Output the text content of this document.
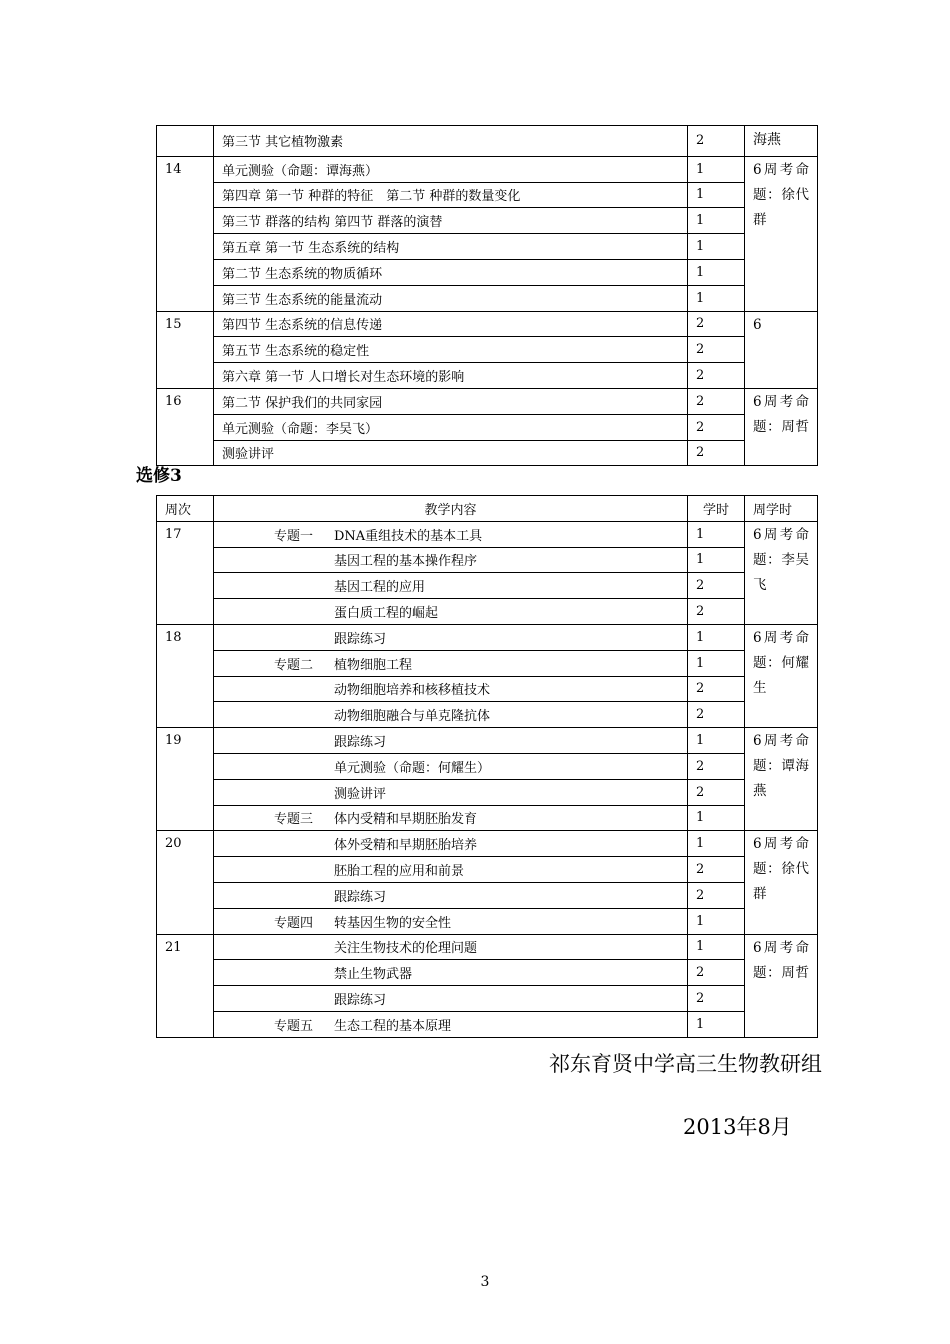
	第三节 其它植物激素	2	海燕
14	单元测验（命题：谭海燕）	1	6周考命题：徐代群
	第四章 第一节 种群的特征　第二节 种群的数量变化	1	
	第三节 群落的结构 第四节 群落的演替	1	
	第五章 第一节 生态系统的结构	1	
	第二节 生态系统的物质循环	1	
	第三节 生态系统的能量流动	1	
15	第四节 生态系统的信息传递	2	6
	第五节 生态系统的稳定性	2	
	第六章 第一节 人口增长对生态环境的影响	2	
16	第二节 保护我们的共同家园	2	6周考命题：周哲
	单元测验（命题：李吴飞）	2	
	测验讲评	2	
选修3
周次	教学内容	学时	周学时
17	专题一 DNA重组技术的基本工具	1	6周考命题：李吴飞
	基因工程的基本操作程序	1	
	基因工程的应用	2	
	蛋白质工程的崛起	2	
18	跟踪练习	1	6周考命题：何耀生
	专题二 植物细胞工程	1	
	动物细胞培养和核移植技术	2	
	动物细胞融合与单克隆抗体	2	
19	跟踪练习	1	6周考命题：谭海燕
	单元测验（命题：何耀生）	2	
	测验讲评	2	
	专题三 体内受精和早期胚胎发育	1	
20	体外受精和早期胚胎培养	1	6周考命题：徐代群
	胚胎工程的应用和前景	2	
	跟踪练习	2	
	专题四 转基因生物的安全性	1	
21	关注生物技术的伦理问题	1	6周考命题：周哲
	禁止生物武器	2	
	跟踪练习	2	
	专题五 生态工程的基本原理	1	
祁东育贤中学高三生物教研组
2013年8月
3
